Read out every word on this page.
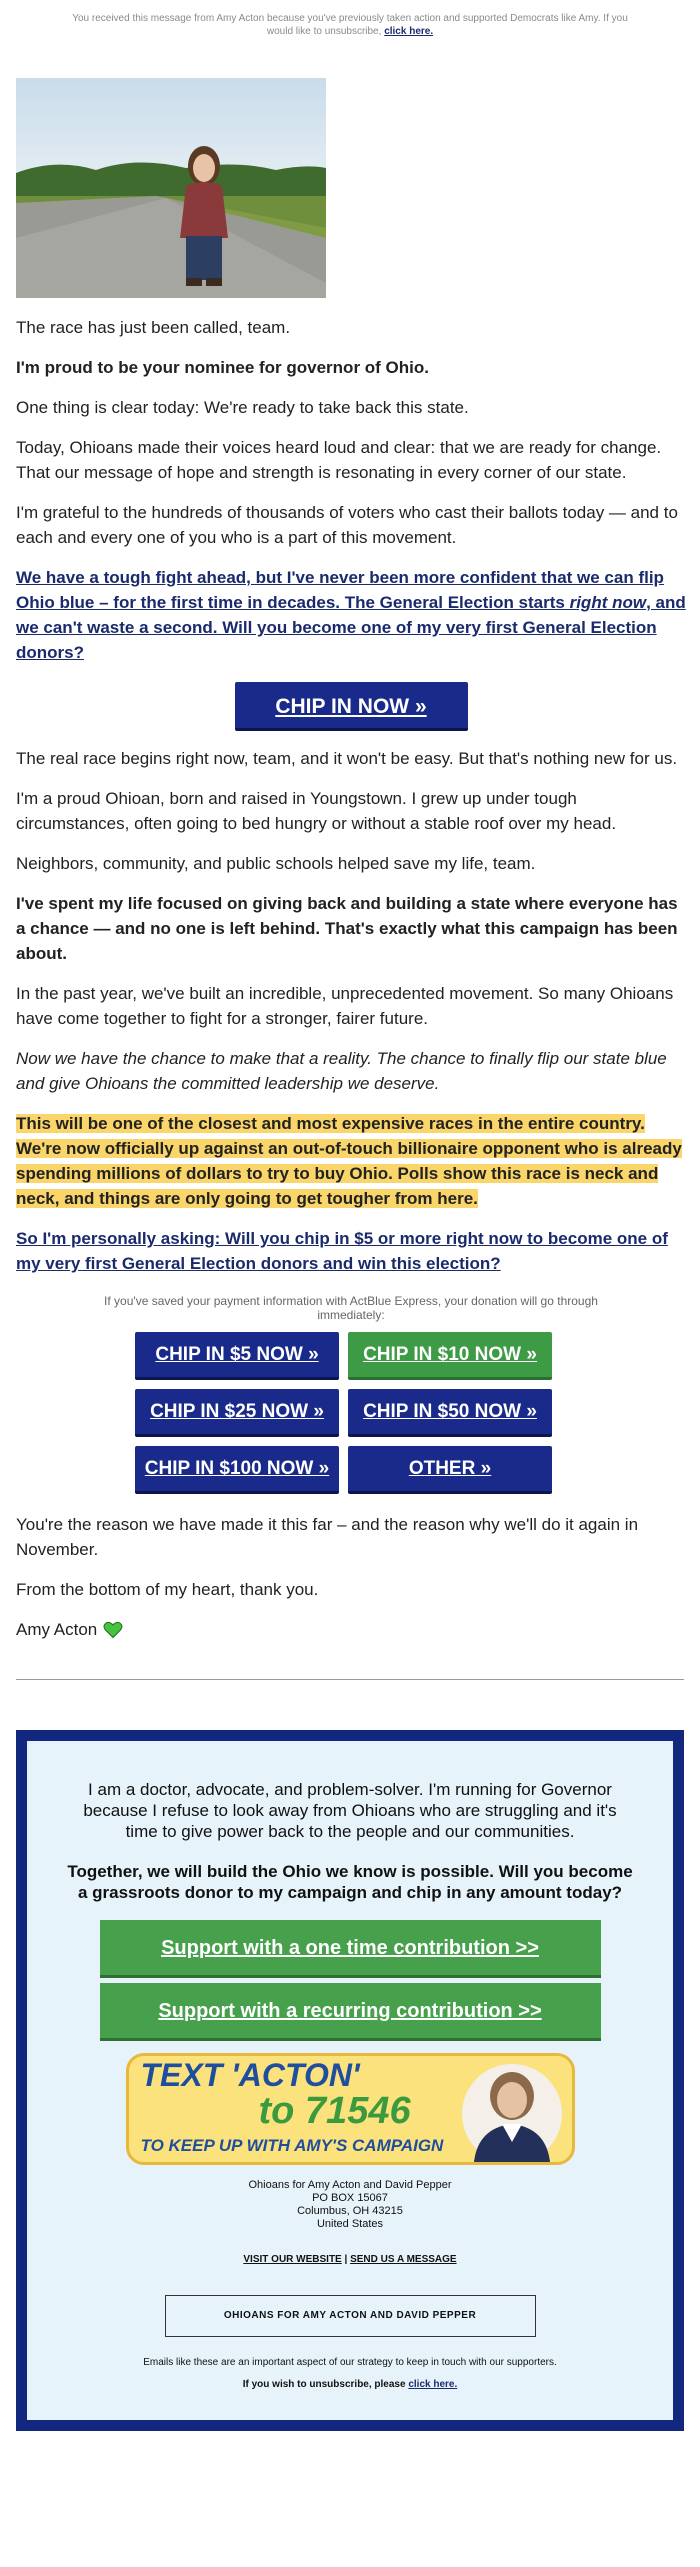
You received this message from Amy Acton because you've previously taken action and supported Democrats like Amy. If you would like to unsubscribe, click here.

The race has just been called, team.

I'm proud to be your nominee for governor of Ohio.

One thing is clear today: We're ready to take back this state.

Today, Ohioans made their voices heard loud and clear: that we are ready for change. That our message of hope and strength is resonating in every corner of our state.

I'm grateful to the hundreds of thousands of voters who cast their ballots today — and to each and every one of you who is a part of this movement.

We have a tough fight ahead, but I've never been more confident that we can flip Ohio blue – for the first time in decades. The General Election starts right now, and we can't waste a second. Will you become one of my very first General Election donors?

CHIP IN NOW »

The real race begins right now, team, and it won't be easy. But that's nothing new for us.

I'm a proud Ohioan, born and raised in Youngstown. I grew up under tough circumstances, often going to bed hungry or without a stable roof over my head.

Neighbors, community, and public schools helped save my life, team.

I've spent my life focused on giving back and building a state where everyone has a chance — and no one is left behind. That's exactly what this campaign has been about.

In the past year, we've built an incredible, unprecedented movement. So many Ohioans have come together to fight for a stronger, fairer future.

Now we have the chance to make that a reality. The chance to finally flip our state blue and give Ohioans the committed leadership we deserve.

This will be one of the closest and most expensive races in the entire country. We're now officially up against an out-of-touch billionaire opponent who is already spending millions of dollars to try to buy Ohio. Polls show this race is neck and neck, and things are only going to get tougher from here.

So I'm personally asking: Will you chip in $5 or more right now to become one of my very first General Election donors and win this election?

If you've saved your payment information with ActBlue Express, your donation will go through immediately:

CHIP IN $5 NOW »	CHIP IN $10 NOW »
CHIP IN $25 NOW »	CHIP IN $50 NOW »
CHIP IN $100 NOW »	OTHER »

You're the reason we have made it this far – and the reason why we'll do it again in November.

From the bottom of my heart, thank you.

Amy Acton

I am a doctor, advocate, and problem-solver. I'm running for Governor because I refuse to look away from Ohioans who are struggling and it's time to give power back to the people and our communities.

Together, we will build the Ohio we know is possible. Will you become a grassroots donor to my campaign and chip in any amount today?

Support with a one time contribution >>
Support with a recurring contribution >>
TEXT 'ACTON'
to 71546
TO KEEP UP WITH AMY'S CAMPAIGN
Ohioans for Amy Acton and David Pepper
PO BOX 15067
Columbus, OH 43215
United States
VISIT OUR WEBSITE | SEND US A MESSAGE
OHIOANS FOR AMY ACTON AND DAVID PEPPER

Emails like these are an important aspect of our strategy to keep in touch with our supporters.

If you wish to unsubscribe, please click here.
